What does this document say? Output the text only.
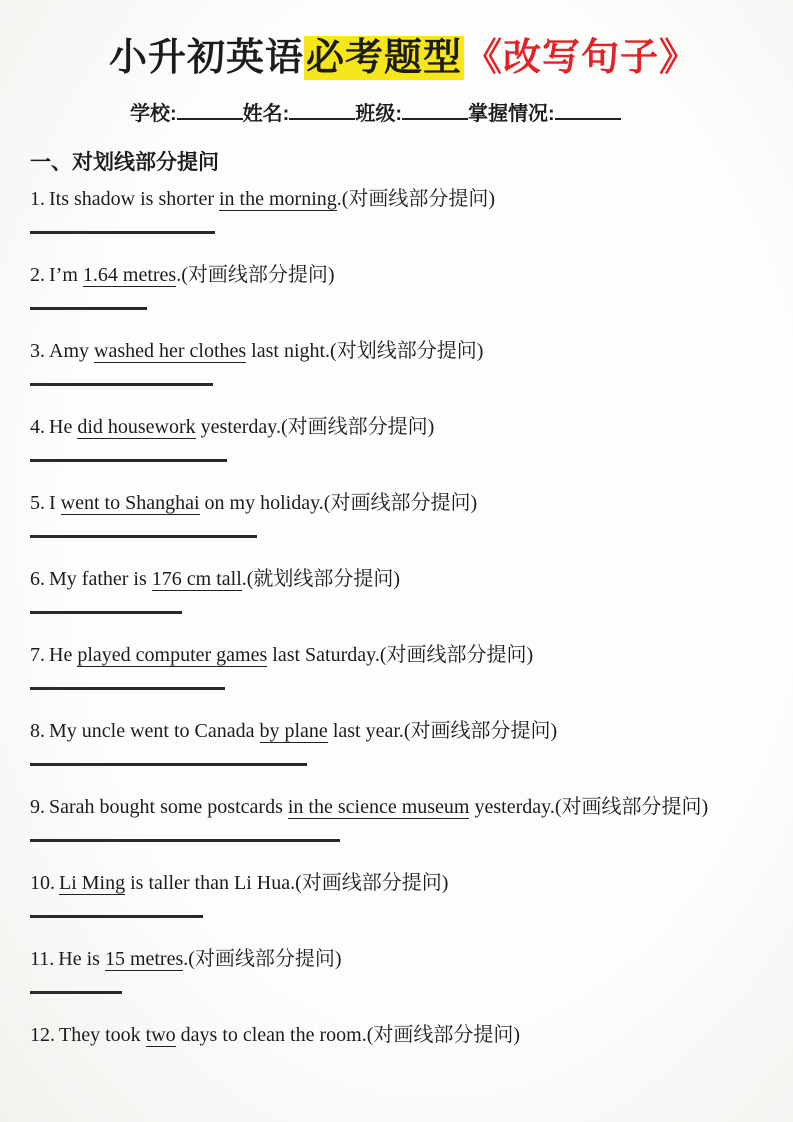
小升初英语必考题型《改写句子》
学校:	姓名:	班级:	掌握情况:
一、对划线部分提问
1. Its shadow is shorter in the morning.(对画线部分提问)
2. I’m 1.64 metres.(对画线部分提问)
3. Amy washed her clothes last night.(对划线部分提问)
4. He did housework yesterday.(对画线部分提问)
5. I went to Shanghai on my holiday.(对画线部分提问)
6. My father is 176 cm tall.(就划线部分提问)
7. He played computer games last Saturday.(对画线部分提问)
8. My uncle went to Canada by plane last year.(对画线部分提问)
9. Sarah bought some postcards in the science museum yesterday.(对画线部分提问)
10. Li Ming is taller than Li Hua.(对画线部分提问)
11. He is 15 metres.(对画线部分提问)
12. They took two days to clean the room.(对画线部分提问)
